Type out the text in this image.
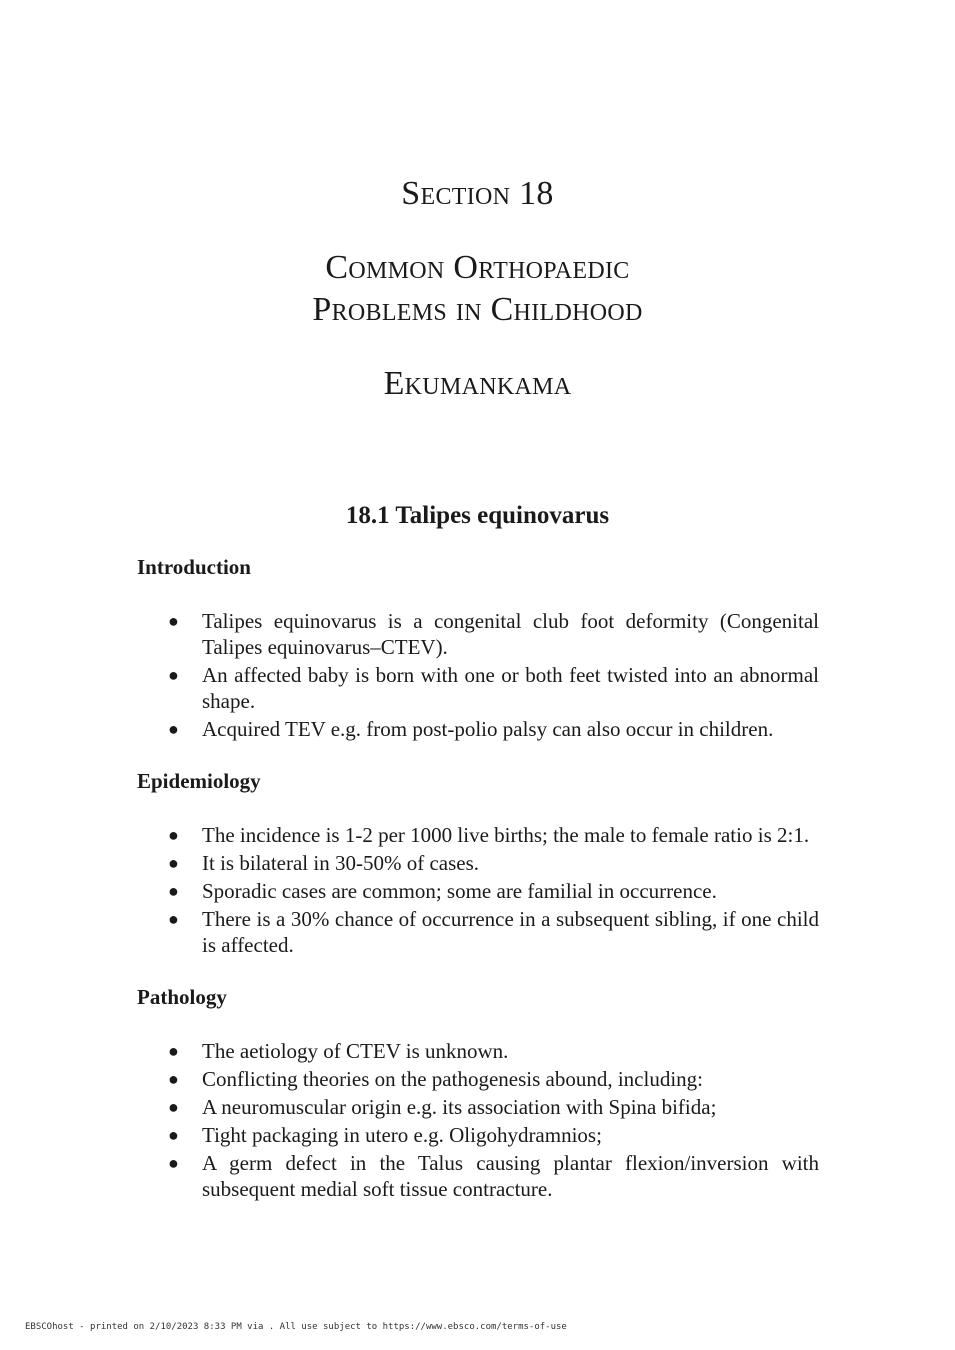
Section 18
Common Orthopaedic
Problems in Childhood
Ekumankama
18.1 Talipes equinovarus

Introduction

● Talipes equinovarus is a congenital club foot deformity (Congenital Talipes equinovarus–CTEV).
● An affected baby is born with one or both feet twisted into an abnormal shape.
● Acquired TEV e.g. from post-polio palsy can also occur in children.

Epidemiology

● The incidence is 1-2 per 1000 live births; the male to female ratio is 2:1.
● It is bilateral in 30-50% of cases.
● Sporadic cases are common; some are familial in occurrence.
● There is a 30% chance of occurrence in a subsequent sibling, if one child is affected.

Pathology

● The aetiology of CTEV is unknown.
● Conflicting theories on the pathogenesis abound, including:
● A neuromuscular origin e.g. its association with Spina bifida;
● Tight packaging in utero e.g. Oligohydramnios;
● A germ defect in the Talus causing plantar flexion/inversion with subsequent medial soft tissue contracture.
EBSCOhost - printed on 2/10/2023 8:33 PM via . All use subject to https://www.ebsco.com/terms-of-use
